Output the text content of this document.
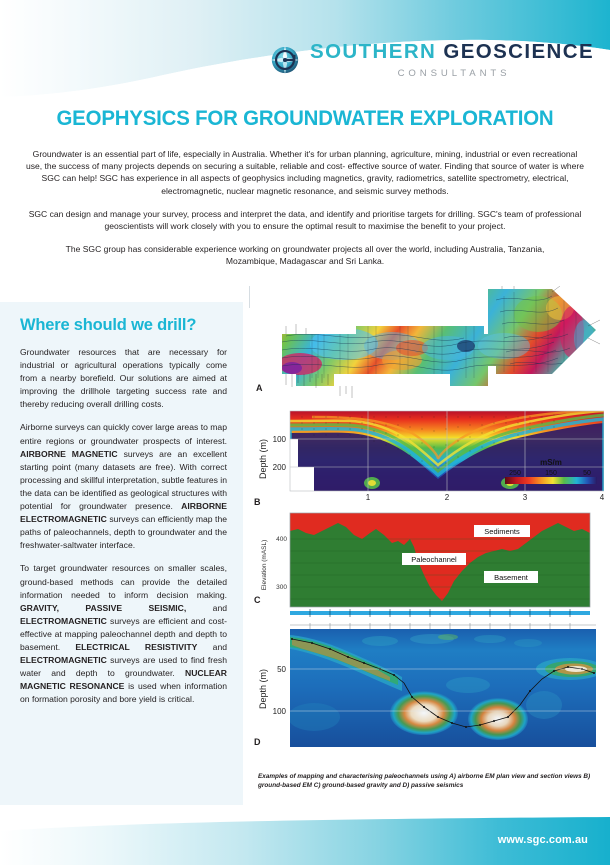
SOUTHERN GEOSCIENCE
CONSULTANTS
GEOPHYSICS FOR GROUNDWATER EXPLORATION

Groundwater is an essential part of life, especially in Australia. Whether it's for urban planning, agriculture, mining, industrial or even recreational use, the success of many projects depends on securing a suitable, reliable and cost- effective source of water. Finding that source of water is where SGC can help! SGC has experience in all aspects of geophysics including magnetics, gravity, radiometrics, satellite spectrometry, electrical, electromagnetic, nuclear magnetic resonance, and seismic survey methods.

SGC can design and manage your survey, process and interpret the data, and identify and prioritise targets for drilling. SGC's team of professional geoscientists will work closely with you to ensure the optimal result to maximise the benefit to your project.

The SGC group has considerable experience working on groundwater projects all over the world, including Australia, Tanzania, Mozambique, Madagascar and Sri Lanka.

Where should we drill?

Groundwater resources that are necessary for industrial or agricultural operations typically come from a nearby borefield. Our solutions are aimed at improving the drillhole targeting success rate and thereby reducing overall drilling costs.

Airborne surveys can quickly cover large areas to map entire regions or groundwater prospects of interest. AIRBORNE MAGNETIC surveys are an excellent starting point (many datasets are free). With correct processing and skillful interpretation, subtle features in the data can be identified as geological structures with potential for groundwater presence. AIRBORNE ELECTROMAGNETIC surveys can efficiently map the paths of paleochannels, depth to groundwater and the freshwater-saltwater interface.

To target groundwater resources on smaller scales, ground-based methods can provide the detailed information needed to inform decision making. GRAVITY, PASSIVE SEISMIC, and ELECTROMAGNETIC surveys are efficient and cost-effective at mapping paleochannel depth and depth to basement. ELECTRICAL RESISTIVITY and ELECTROMAGNETIC surveys are used to find fresh water and depth to groundwater. NUCLEAR MAGNETIC RESONANCE is used when information on formation porosity and bore yield is critical.

A
mS/m
250	150	50
Depth (m) 100
200
1	2	3	4
B
Sediments
Paleochannel
Basement
Elevation (mASL)
400
300
C
Depth (m) 50
100
D
Examples of mapping and characterising paleochannels using A) airborne EM plan view and section views B) ground-based EM C) ground-based gravity and D) passive seismics
www.sgc.com.au
